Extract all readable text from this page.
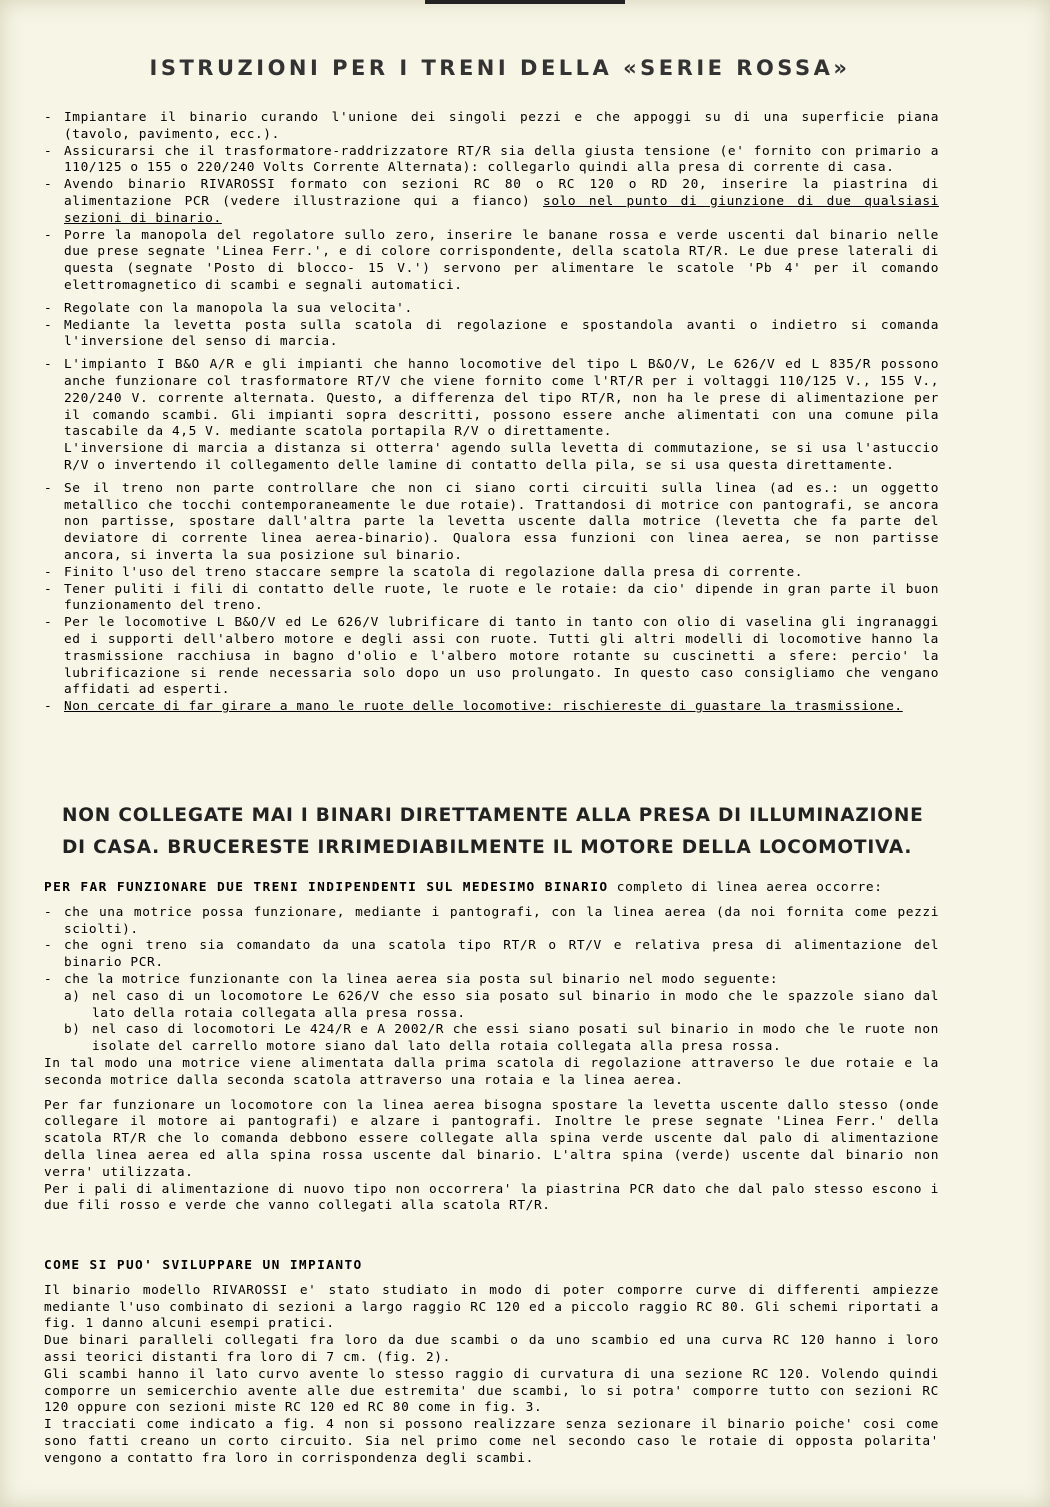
ISTRUZIONI PER I TRENI DELLA «SERIE ROSSA»
- Impiantare il binario curando l'unione dei singoli pezzi e che appoggi su di una superficie piana (tavolo, pavimento, ecc.).
- Assicurarsi che il trasformatore-raddrizzatore RT/R sia della giusta tensione (e' fornito con primario a 110/125 o 155 o 220/240 Volts Corrente Alternata): collegarlo quindi alla presa di corrente di casa.
- Avendo binario RIVAROSSI formato con sezioni RC 80 o RC 120 o RD 20, inserire la piastrina di alimentazione PCR (vedere illustrazione qui a fianco) solo nel punto di giunzione di due qualsiasi sezioni di binario.
- Porre la manopola del regolatore sullo zero, inserire le banane rossa e verde uscenti dal binario nelle due prese segnate 'Linea Ferr.', e di colore corrispondente, della scatola RT/R. Le due prese laterali di questa (segnate 'Posto di blocco- 15 V.') servono per alimentare le scatole 'Pb 4' per il comando elettromagnetico di scambi e segnali automatici.
- Regolate con la manopola la sua velocita'.
- Mediante la levetta posta sulla scatola di regolazione e spostandola avanti o indietro si comanda l'inversione del senso di marcia.
- L'impianto I B&O A/R e gli impianti che hanno locomotive del tipo L B&O/V, Le 626/V ed L 835/R possono anche funzionare col trasformatore RT/V che viene fornito come l'RT/R per i voltaggi 110/125 V., 155 V., 220/240 V. corrente alternata. Questo, a differenza del tipo RT/R, non ha le prese di alimentazione per il comando scambi. Gli impianti sopra descritti, possono essere anche alimentati con una comune pila tascabile da 4,5 V. mediante scatola portapila R/V o direttamente.
L'inversione di marcia a distanza si otterra' agendo sulla levetta di commutazione, se si usa l'astuccio R/V o invertendo il collegamento delle lamine di contatto della pila, se si usa questa direttamente.
- Se il treno non parte controllare che non ci siano corti circuiti sulla linea (ad es.: un oggetto metallico che tocchi contemporaneamente le due rotaie). Trattandosi di motrice con pantografi, se ancora non partisse, spostare dall'altra parte la levetta uscente dalla motrice (levetta che fa parte del deviatore di corrente linea aerea-binario). Qualora essa funzioni con linea aerea, se non partisse ancora, si inverta la sua posizione sul binario.
- Finito l'uso del treno staccare sempre la scatola di regolazione dalla presa di corrente.
- Tener puliti i fili di contatto delle ruote, le ruote e le rotaie: da cio' dipende in gran parte il buon funzionamento del treno.
- Per le locomotive L B&O/V ed Le 626/V lubrificare di tanto in tanto con olio di vaselina gli ingranaggi ed i supporti dell'albero motore e degli assi con ruote. Tutti gli altri modelli di locomotive hanno la trasmissione racchiusa in bagno d'olio e l'albero motore rotante su cuscinetti a sfere: percio' la lubrificazione si rende necessaria solo dopo un uso prolungato. In questo caso consigliamo che vengano affidati ad esperti.
- Non cercate di far girare a mano le ruote delle locomotive: rischiereste di guastare la trasmissione.
NON COLLEGATE MAI I BINARI DIRETTAMENTE ALLA PRESA DI ILLUMINAZIONE
DI CASA. BRUCERESTE IRRIMEDIABILMENTE IL MOTORE DELLA LOCOMOTIVA.

PER FAR FUNZIONARE DUE TRENI INDIPENDENTI SUL MEDESIMO BINARIO completo di linea aerea occorre:

- che una motrice possa funzionare, mediante i pantografi, con la linea aerea (da noi fornita come pezzi sciolti).
- che ogni treno sia comandato da una scatola tipo RT/R o RT/V e relativa presa di alimentazione del binario PCR.
- che la motrice funzionante con la linea aerea sia posta sul binario nel modo seguente:
a) nel caso di un locomotore Le 626/V che esso sia posato sul binario in modo che le spazzole siano dal lato della rotaia collegata alla presa rossa.
b) nel caso di locomotori Le 424/R e A 2002/R che essi siano posati sul binario in modo che le ruote non isolate del carrello motore siano dal lato della rotaia collegata alla presa rossa.

In tal modo una motrice viene alimentata dalla prima scatola di regolazione attraverso le due rotaie e la seconda motrice dalla seconda scatola attraverso una rotaia e la linea aerea.

Per far funzionare un locomotore con la linea aerea bisogna spostare la levetta uscente dallo stesso (onde collegare il motore ai pantografi) e alzare i pantografi. Inoltre le prese segnate 'Linea Ferr.' della scatola RT/R che lo comanda debbono essere collegate alla spina verde uscente dal palo di alimentazione della linea aerea ed alla spina rossa uscente dal binario. L'altra spina (verde) uscente dal binario non verra' utilizzata.

Per i pali di alimentazione di nuovo tipo non occorrera' la piastrina PCR dato che dal palo stesso escono i due fili rosso e verde che vanno collegati alla scatola RT/R.

COME SI PUO' SVILUPPARE UN IMPIANTO

Il binario modello RIVAROSSI e' stato studiato in modo di poter comporre curve di differenti ampiezze mediante l'uso combinato di sezioni a largo raggio RC 120 ed a piccolo raggio RC 80. Gli schemi riportati a fig. 1 danno alcuni esempi pratici.

Due binari paralleli collegati fra loro da due scambi o da uno scambio ed una curva RC 120 hanno i loro assi teorici distanti fra loro di 7 cm. (fig. 2).

Gli scambi hanno il lato curvo avente lo stesso raggio di curvatura di una sezione RC 120. Volendo quindi comporre un semicerchio avente alle due estremita' due scambi, lo si potra' comporre tutto con sezioni RC 120 oppure con sezioni miste RC 120 ed RC 80 come in fig. 3.

I tracciati come indicato a fig. 4 non si possono realizzare senza sezionare il binario poiche' cosi come sono fatti creano un corto circuito. Sia nel primo come nel secondo caso le rotaie di opposta polarita' vengono a contatto fra loro in corrispondenza degli scambi.
